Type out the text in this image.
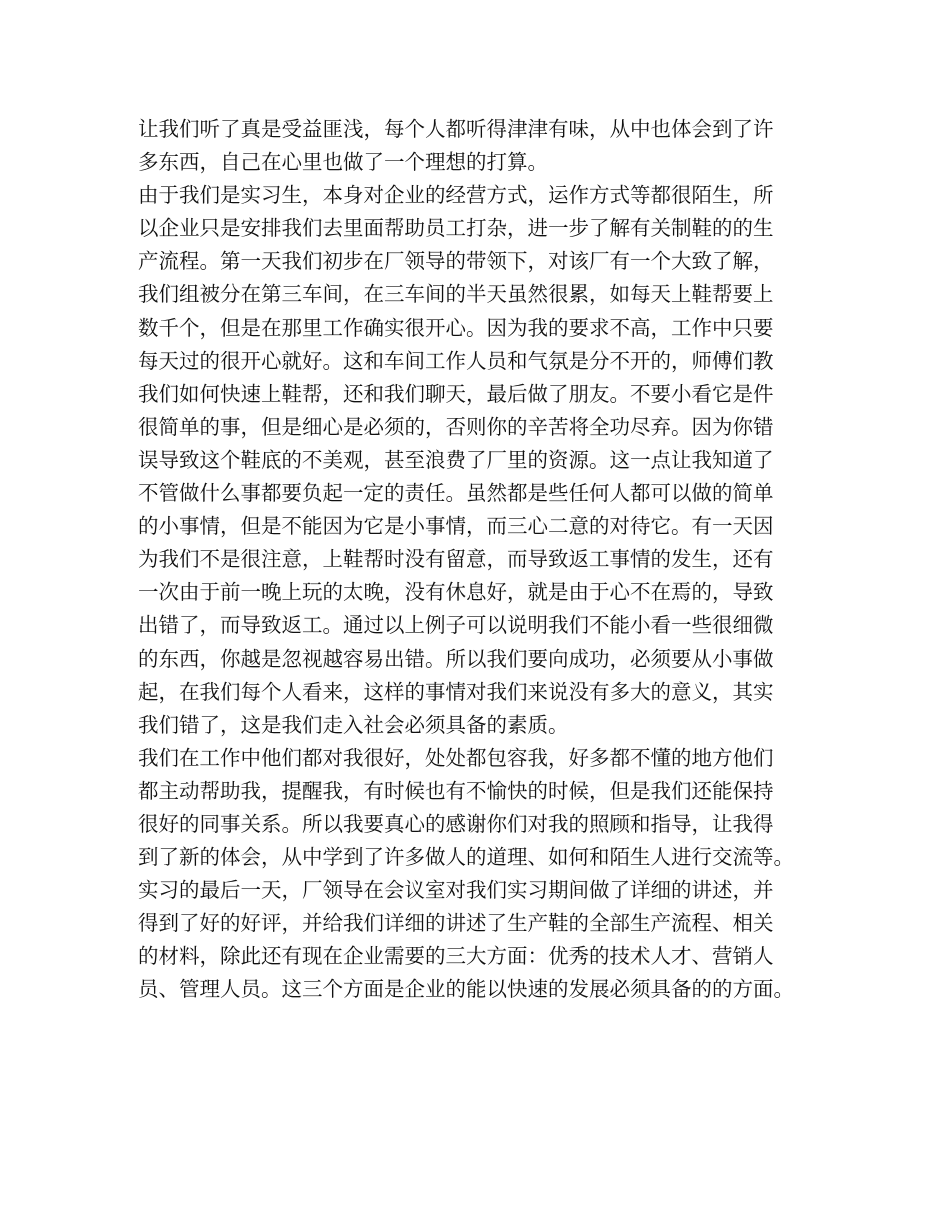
让我们听了真是受益匪浅，每个人都听得津津有味，从中也体会到了许
多东西，自己在心里也做了一个理想的打算。
由于我们是实习生，本身对企业的经营方式，运作方式等都很陌生，所
以企业只是安排我们去里面帮助员工打杂，进一步了解有关制鞋的的生
产流程。第一天我们初步在厂领导的带领下，对该厂有一个大致了解，
我们组被分在第三车间，在三车间的半天虽然很累，如每天上鞋帮要上
数千个，但是在那里工作确实很开心。因为我的要求不高，工作中只要
每天过的很开心就好。这和车间工作人员和气氛是分不开的，师傅们教
我们如何快速上鞋帮，还和我们聊天，最后做了朋友。不要小看它是件
很简单的事，但是细心是必须的，否则你的辛苦将全功尽弃。因为你错
误导致这个鞋底的不美观，甚至浪费了厂里的资源。这一点让我知道了
不管做什么事都要负起一定的责任。虽然都是些任何人都可以做的简单
的小事情，但是不能因为它是小事情，而三心二意的对待它。有一天因
为我们不是很注意，上鞋帮时没有留意，而导致返工事情的发生，还有
一次由于前一晚上玩的太晚，没有休息好，就是由于心不在焉的，导致
出错了，而导致返工。通过以上例子可以说明我们不能小看一些很细微
的东西，你越是忽视越容易出错。所以我们要向成功，必须要从小事做
起，在我们每个人看来，这样的事情对我们来说没有多大的意义，其实
我们错了，这是我们走入社会必须具备的素质。
我们在工作中他们都对我很好，处处都包容我，好多都不懂的地方他们
都主动帮助我，提醒我，有时候也有不愉快的时候，但是我们还能保持
很好的同事关系。所以我要真心的感谢你们对我的照顾和指导，让我得
到了新的体会，从中学到了许多做人的道理、如何和陌生人进行交流等。
实习的最后一天，厂领导在会议室对我们实习期间做了详细的讲述，并
得到了好的好评，并给我们详细的讲述了生产鞋的全部生产流程、相关
的材料，除此还有现在企业需要的三大方面：优秀的技术人才、营销人
员、管理人员。这三个方面是企业的能以快速的发展必须具备的的方面。
